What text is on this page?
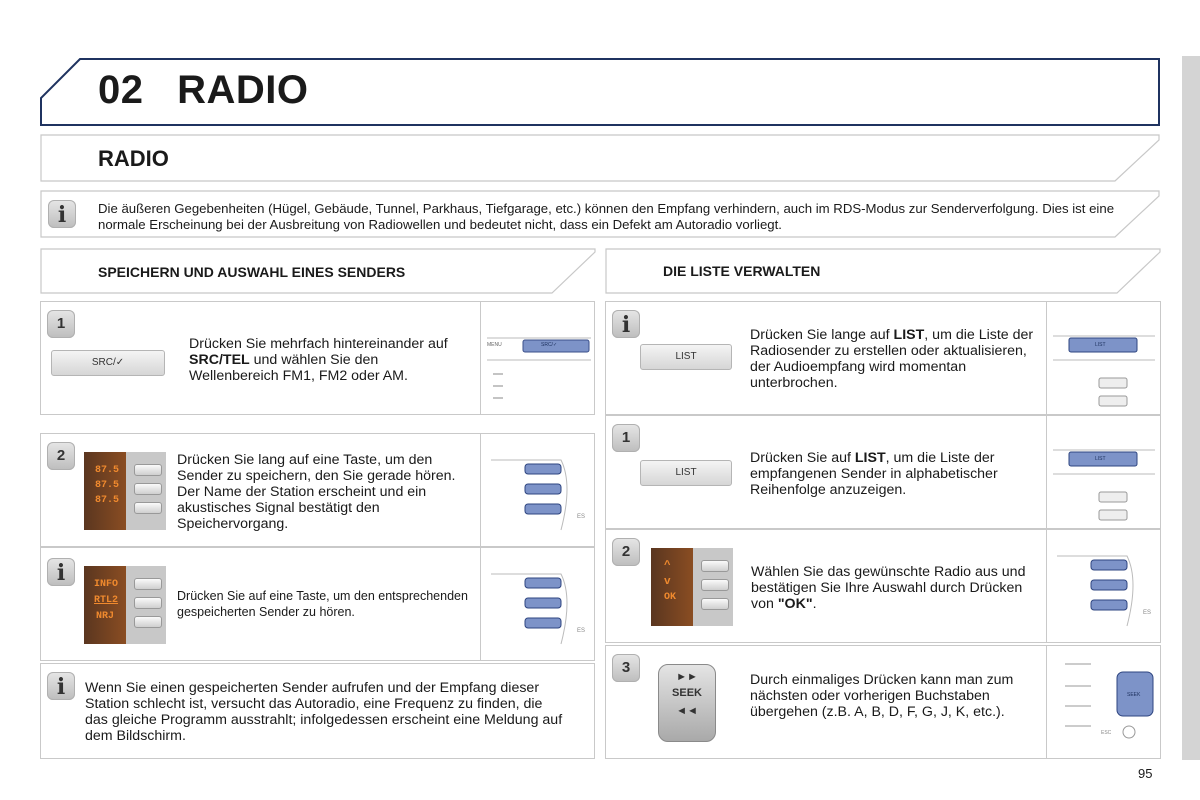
02 RADIO
RADIO
i	Die äußeren Gegebenheiten (Hügel, Gebäude, Tunnel, Parkhaus, Tiefgarage, etc.) können den Empfang verhindern, auch im RDS-Modus zur Senderverfolgung. Dies ist eine normale Erscheinung bei der Ausbreitung von Radiowellen und bedeutet nicht, dass ein Defekt am Autoradio vorliegt.
SPEICHERN UND AUSWAHL EINES SENDERS	DIE LISTE VERWALTEN
1
SRC/✓
Drücken Sie mehrfach hintereinander auf SRC/TEL und wählen Sie den Wellenbereich FM1, FM2 oder AM.
MENU	SRC/✓
2
87.5
87.5
87.5
Drücken Sie lang auf eine Taste, um den Sender zu speichern, den Sie gerade hören. Der Name der Station erscheint und ein akustisches Signal bestätigt den Speichervorgang.	ES
i	INFO
RTL2
NRJ
Drücken Sie auf eine Taste, um den entsprechenden gespeicherten Sender zu hören.
ES
i	Wenn Sie einen gespeicherten Sender aufrufen und der Empfang dieser Station schlecht ist, versucht das Autoradio, eine Frequenz zu finden, die das gleiche Programm ausstrahlt; infolgedessen erscheint eine Meldung auf dem Bildschirm.
i
LIST
Drücken Sie lange auf LIST, um die Liste der Radiosender zu erstellen oder aktualisieren, der Audioempfang wird momentan unterbrochen.
LIST
1
LIST
Drücken Sie auf LIST, um die Liste der empfangenen Sender in alphabetischer Reihenfolge anzuzeigen.
LIST
2
^
v
OK
Wählen Sie das gewünschte Radio aus und bestätigen Sie Ihre Auswahl durch Drücken von "OK".
ES
3
►►
SEEK
◄◄
Durch einmaliges Drücken kann man zum nächsten oder vorherigen Buchstaben übergehen (z.B. A, B, D, F, G, J, K, etc.).
SEEK
ESC
95
